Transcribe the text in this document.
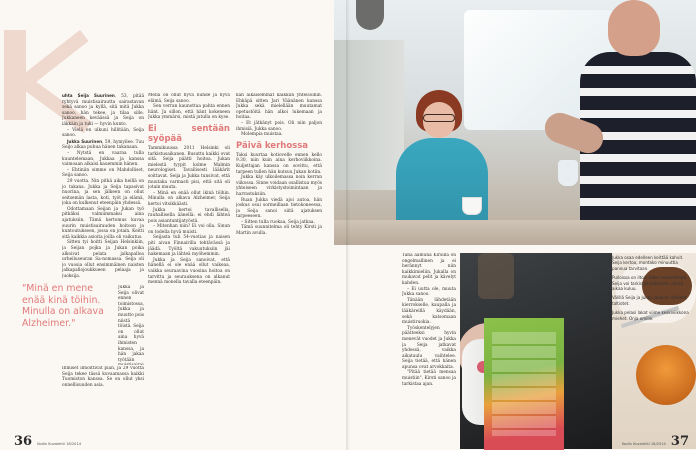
uhta Seija Suurinen, 53, pitää ryhtyvä muistisairautta sairastavan sekä sanoo ja kyllä, sitä mitä Jukka sanoo, hän tekee, ja tilaa sille. Jukkaneen keväässä ja Seija on iäkkäin ja tuki — hyvin kunto.

– Vielä en ulkuni hillitään, Seija sanoo.

Jukka Suurinen, 59, hymyilee. Tuu Seijo alkaa puhua hänen takanaan.

– Nytstä en vaaraa tulla kuuntelemaan, Jukkaa ja kanssa vaimoaan alkaisi kauemmin hänen.

– Ehtiniin simme on Mahdolliset, Seija sanoo.

29 vuotta. Nin pitkä aika heillä on jo takana. Jukka ja Seija tapasivat nuorina, ja sen jälkeen on ollut seitsemän lasta, koti, työt ja elämä, joka on kulkenut eteenpäin yhdessä.

Odottamaan Seijan ja Jukan työ pitkäksi valmiimmaksi aina ajatuksiin. Tämä kertomus kuvaa suurin muistisairauden hoitoon ja kuntoutukseen, jossa on jotain. Keitti sitä kaikkia asioita joilla oli vaikutus.

Sitten tyi hoitti Seijan Helsinkiin, ja Seijan pojka ja Jukan poika alkoivat pelata jalkapalloa urheiluseuran Sa-nomassa. Seija oli jo vuosia ollut ensimmäinen naisten jalkapallojoukkueen pelaaja ja juoksija.

"Minä en mene enää kinä töihin. Minulla on alkava Alzheimer."

Jukka ja Seija olivat ennen toimistossa, Jukka ja muutto pois niistä töistä. Seija on ollut aina hyvä ihmisten kanssa, ja hän jakaa työtään

Ihmiset ilmoittivat pian, ja 29 vuotta Seija tekee tässä kuvaamassa kaikki Tuomiston kanssa. Se on ollut yksi onnellisuuden asia.

Mellä on ollut hyvä nuhde ja hyvä elämä, Seija sanoo.

Sen verran kaunottaa pahta ennen hänt. Ja sillon, että hänt kokeneen Jukka ymmärsi, mistä jutulla on kyse.

Ei sentään syöpää

Tammikuussa 2011 Helsinki oli tarkistusaikanen. Busuttu kaikki ovat sitä. Seija päätti hoitoa. Jukan mielestä tyypit kolme Malmin neurologiset. Tavallisesti lääkärit soittavat. Seija ja Jukka tunsivat, että muutaka varmasti pisi, että sitä oli jotain muuta.

– Minä en enää ollut ikinä töihin. Minulla on alkava Alzheimer, Seija kertoi vitsikkäästi.

Jukka kertoi tavallisella, rauhallisella äänellä: ei ehdi lähteä pois asiantuntijatyöstä.

– Mitenhan niin? Ei voi olla. Sinun on todella hyvä muisti.

Seijasta tuli 54-vuotias ja naisen piti aivan Finnairilla tehtävässä ja jäädä. Työltä vakuutuksiin jäi hakemaan ja lähteä myöhemmin.

Jukka ja Seija sanoivat, että hänellä ei ole enää ollut vaikeaa, vaikka seuraavina vuosina hoitoa on tarvittu ja seurauksena on alkanut mennä monella tavalla eteenpäin.

kan aikaisemmat kaikkiin yhteisöihin. Ehkäpä sitten Jari Väänänen kanssa Jukka sekä mielellään muutamat opetustöitä hän alkoi lukemaan ja hoitaa.

– Et jätkänyt pois. Oli niin paljon ihmisiä, Jukka sanoo.

Molempia muistaa.

Päivä kerhossa

Taksi kuurtaa kotiovelle ennen kello 9.30, niin kuin aina kerhoviikkoina. Kuljettajan kanssa on sovittu, että tarpeen tullen hän kutsuu Jukan kotiin.

Jukka käy ulkoilemassa noin kerran viikossa. Sinne voidaan osallistua myös yhteiseen virkistystoimintaan ja harrastuksiin.

Ruan Jukka viedä ajoi autoa, hän joskus osui sormeillaan tietokoneessa, ja Seija sanoi siitä ajatuksen tarpeeseen.

– Sitten tulla ruokaa, Seija jatkaa.

Tämä suunnitelma oli tehty Kirsti ja Martin avulla.

36 Kodin Kuvalehti 18/2014

Tänä aamuna Kirsillä on ongelmallinen ja ei herännyt niin kaikkimieliin. Jukalla on mukavat pelit ja kävelyt kahden.

– Ei uutta ole, muuta Jukka sanoo.

Tänään lähdetään kierrokselle, kaupalla ja lääkäreillä käydään, sekä katsomaan muistiruokia.

Työskentelyjen päätteeksi hyvin menevät vuodet ja Jukka ja Seija jatkavat yhdessä, vaikka aikataulu vaihtelee. Seija tietää, että hänen apunsa ovat arvokkaita.

"Pitää tietää mensaa muistiin", Kirsti sanoo ja tarkistaa ajan.

Jukka osaa edelleen keittää kahvit. Seija kertoo, montako minuuttia pannua tarvitaan.

Pulloissa on iltoin lukee avainmiestä. Seija voi tarkistaa kätevästi, missä aikaa kuluu.

Välillä Seija ja Jukka jakavat läheiset taltiotet.

Jukka pelasi lakat viime keskiviikkona miehet. Onja omille.

Kodin Kuvalehti 18/2014 37
